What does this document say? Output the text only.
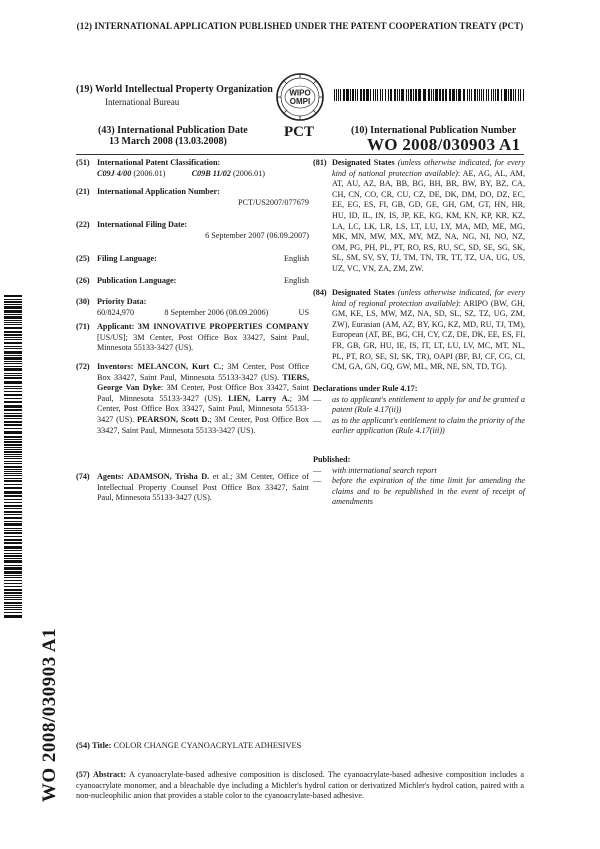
(12) INTERNATIONAL APPLICATION PUBLISHED UNDER THE PATENT COOPERATION TREATY (PCT)
(19) World Intellectual Property Organization
International Bureau
WIPO
OMPI
(43) International Publication Date
13 March 2008 (13.03.2008)
PCT	(10) International Publication Number
WO 2008/030903 A1
(51) International Patent Classification:
C09J 4/00 (2006.01)	C09B 11/02 (2006.01)
(21) International Application Number:
PCT/US2007/077679
(22) International Filing Date:
6 September 2007 (06.09.2007)
(25) Filing Language:	English
(26) Publication Language:	English
(30) Priority Data:
60/824,970	8 September 2006 (08.09.2006)	US
(71) Applicant: 3M INNOVATIVE PROPERTIES COMPANY [US/US]; 3M Center, Post Office Box 33427, Saint Paul, Minnesota 55133-3427 (US).
(72) Inventors: MELANCON, Kurt C.; 3M Center, Post Office Box 33427, Saint Paul, Minnesota 55133-3427 (US). TIERS, George Van Dyke: 3M Center, Post Office Box 33427, Saint Paul, Minnesota 55133-3427 (US). LIEN, Larry A.; 3M Center, Post Office Box 33427, Saint Paul, Minnesota 55133-3427 (US). PEARSON, Scott D.; 3M Center, Post Office Box 33427, Saint Paul, Minnesota 55133-3427 (US).
(74) Agents: ADAMSON, Trisha D. et al.; 3M Center, Office of Intellectual Property Counsel Post Office Box 33427, Saint Paul, Minnesota 55133-3427 (US).
(81) Designated States (unless otherwise indicated, for every kind of national protection available): AE, AG, AL, AM, AT, AU, AZ, BA, BB, BG, BH, BR, BW, BY, BZ, CA, CH, CN, CO, CR, CU, CZ, DE, DK, DM, DO, DZ, EC, EE, EG, ES, FI, GB, GD, GE, GH, GM, GT, HN, HR, HU, ID, IL, IN, IS, JP, KE, KG, KM, KN, KP, KR, KZ, LA, LC, LK, LR, LS, LT, LU, LY, MA, MD, ME, MG, MK, MN, MW, MX, MY, MZ, NA, NG, NI, NO, NZ, OM, PG, PH, PL, PT, RO, RS, RU, SC, SD, SE, SG, SK, SL, SM, SV, SY, TJ, TM, TN, TR, TT, TZ, UA, UG, US, UZ, VC, VN, ZA, ZM, ZW.
(84) Designated States (unless otherwise indicated, for every kind of regional protection available): ARIPO (BW, GH, GM, KE, LS, MW, MZ, NA, SD, SL, SZ, TZ, UG, ZM, ZW), Eurasian (AM, AZ, BY, KG, KZ, MD, RU, TJ, TM), European (AT, BE, BG, CH, CY, CZ, DE, DK, EE, ES, FI, FR, GB, GR, HU, IE, IS, IT, LT, LU, LV, MC, MT, NL, PL, PT, RO, SE, SI, SK, TR), OAPI (BF, BJ, CF, CG, CI, CM, GA, GN, GQ, GW, ML, MR, NE, SN, TD, TG).
Declarations under Rule 4.17:
—	as to applicant's entitlement to apply for and be granted a patent (Rule 4.17(ii))
—	as to the applicant's entitlement to claim the priority of the earlier application (Rule 4.17(iii))
Published:
—	with international search report
—	before the expiration of the time limit for amending the claims and to be republished in the event of receipt of amendments
WO 2008/030903 A1 (54) Title: COLOR CHANGE CYANOACRYLATE ADHESIVES
(57) Abstract: A cyanoacrylate-based adhesive composition is disclosed. The cyanoacrylate-based adhesive composition includes a cyanoacrylate monomer, and a bleachable dye including a Michler's hydrol cation or derivatized Michler's hydrol cation, paired with a non-nucleophilic anion that provides a stable color to the cyanoacrylate-based adhesive.
